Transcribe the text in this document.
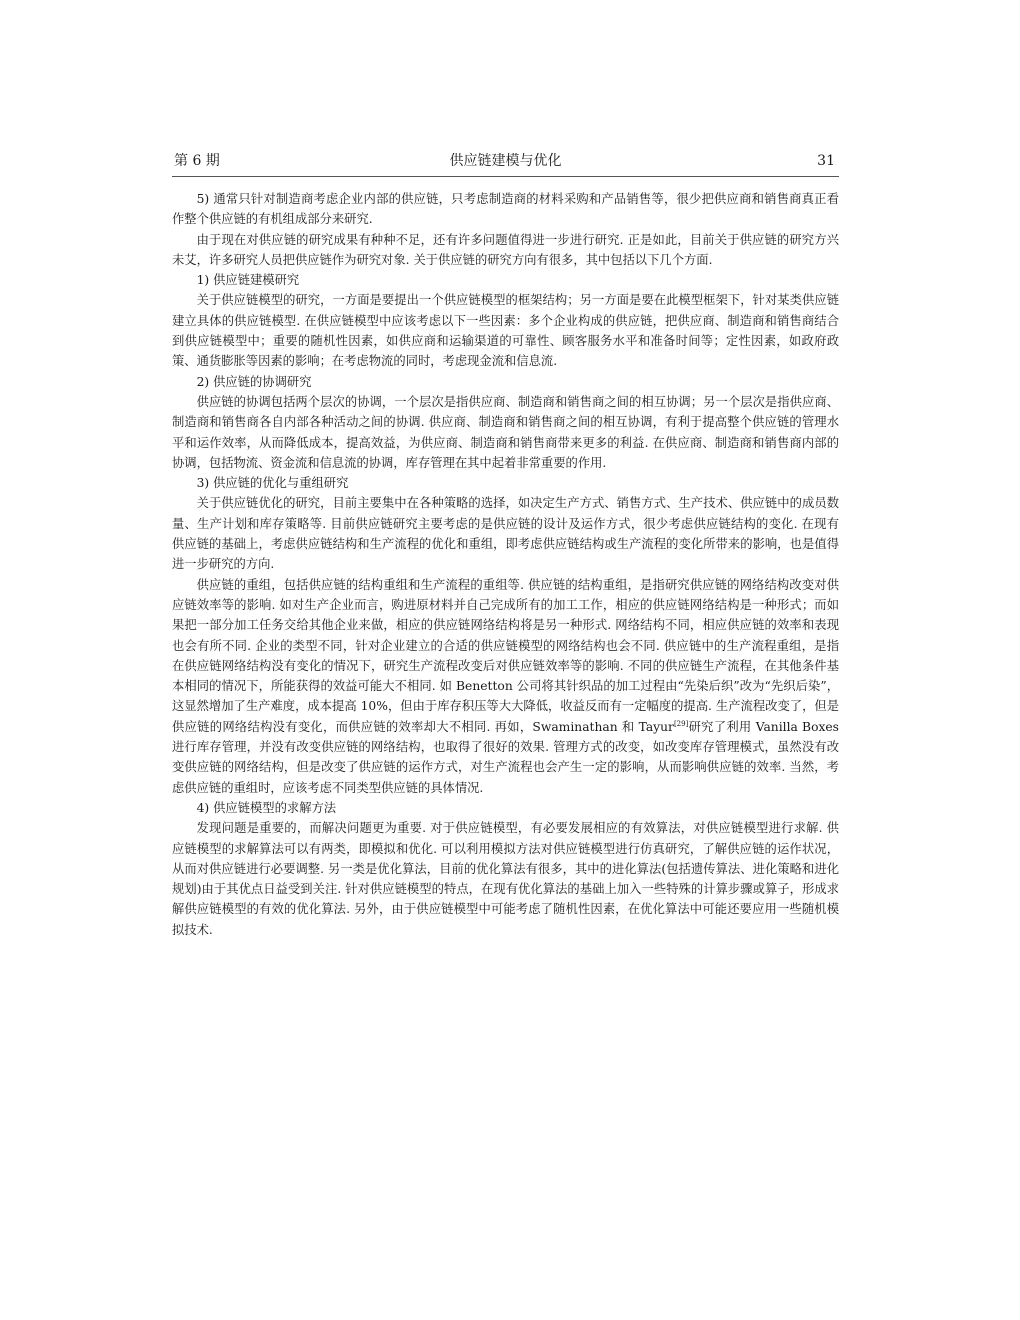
第 6 期	供应链建模与优化	31

5) 通常只针对制造商考虑企业内部的供应链，只考虑制造商的材料采购和产品销售等，很少把供应商和销售商真正看作整个供应链的有机组成部分来研究.

由于现在对供应链的研究成果有种种不足，还有许多问题值得进一步进行研究. 正是如此，目前关于供应链的研究方兴未艾，许多研究人员把供应链作为研究对象. 关于供应链的研究方向有很多，其中包括以下几个方面.

1) 供应链建模研究

关于供应链模型的研究，一方面是要提出一个供应链模型的框架结构；另一方面是要在此模型框架下，针对某类供应链建立具体的供应链模型. 在供应链模型中应该考虑以下一些因素：多个企业构成的供应链，把供应商、制造商和销售商结合到供应链模型中；重要的随机性因素，如供应商和运输渠道的可靠性、顾客服务水平和准备时间等；定性因素，如政府政策、通货膨胀等因素的影响；在考虑物流的同时，考虑现金流和信息流.

2) 供应链的协调研究

供应链的协调包括两个层次的协调，一个层次是指供应商、制造商和销售商之间的相互协调；另一个层次是指供应商、制造商和销售商各自内部各种活动之间的协调. 供应商、制造商和销售商之间的相互协调，有利于提高整个供应链的管理水平和运作效率，从而降低成本，提高效益，为供应商、制造商和销售商带来更多的利益. 在供应商、制造商和销售商内部的协调，包括物流、资金流和信息流的协调，库存管理在其中起着非常重要的作用.

3) 供应链的优化与重组研究

关于供应链优化的研究，目前主要集中在各种策略的选择，如决定生产方式、销售方式、生产技术、供应链中的成员数量、生产计划和库存策略等. 目前供应链研究主要考虑的是供应链的设计及运作方式，很少考虑供应链结构的变化. 在现有供应链的基础上，考虑供应链结构和生产流程的优化和重组，即考虑供应链结构或生产流程的变化所带来的影响，也是值得进一步研究的方向.

供应链的重组，包括供应链的结构重组和生产流程的重组等. 供应链的结构重组，是指研究供应链的网络结构改变对供应链效率等的影响. 如对生产企业而言，购进原材料并自己完成所有的加工工作，相应的供应链网络结构是一种形式；而如果把一部分加工任务交给其他企业来做，相应的供应链网络结构将是另一种形式. 网络结构不同，相应供应链的效率和表现也会有所不同. 企业的类型不同，针对企业建立的合适的供应链模型的网络结构也会不同. 供应链中的生产流程重组，是指在供应链网络结构没有变化的情况下，研究生产流程改变后对供应链效率等的影响. 不同的供应链生产流程，在其他条件基本相同的情况下，所能获得的效益可能大不相同. 如 Benetton 公司将其针织品的加工过程由“先染后织”改为“先织后染”，这显然增加了生产难度，成本提高 10%，但由于库存积压等大大降低，收益反而有一定幅度的提高. 生产流程改变了，但是供应链的网络结构没有变化，而供应链的效率却大不相同. 再如，Swaminathan 和 Tayur[29]研究了利用 Vanilla Boxes 进行库存管理，并没有改变供应链的网络结构，也取得了很好的效果. 管理方式的改变，如改变库存管理模式，虽然没有改变供应链的网络结构，但是改变了供应链的运作方式，对生产流程也会产生一定的影响，从而影响供应链的效率. 当然，考虑供应链的重组时，应该考虑不同类型供应链的具体情况.

4) 供应链模型的求解方法

发现问题是重要的，而解决问题更为重要. 对于供应链模型，有必要发展相应的有效算法，对供应链模型进行求解. 供应链模型的求解算法可以有两类，即模拟和优化. 可以利用模拟方法对供应链模型进行仿真研究，了解供应链的运作状况，从而对供应链进行必要调整. 另一类是优化算法，目前的优化算法有很多，其中的进化算法(包括遗传算法、进化策略和进化规划)由于其优点日益受到关注. 针对供应链模型的特点，在现有优化算法的基础上加入一些特殊的计算步骤或算子，形成求解供应链模型的有效的优化算法. 另外，由于供应链模型中可能考虑了随机性因素，在优化算法中可能还要应用一些随机模拟技术.
